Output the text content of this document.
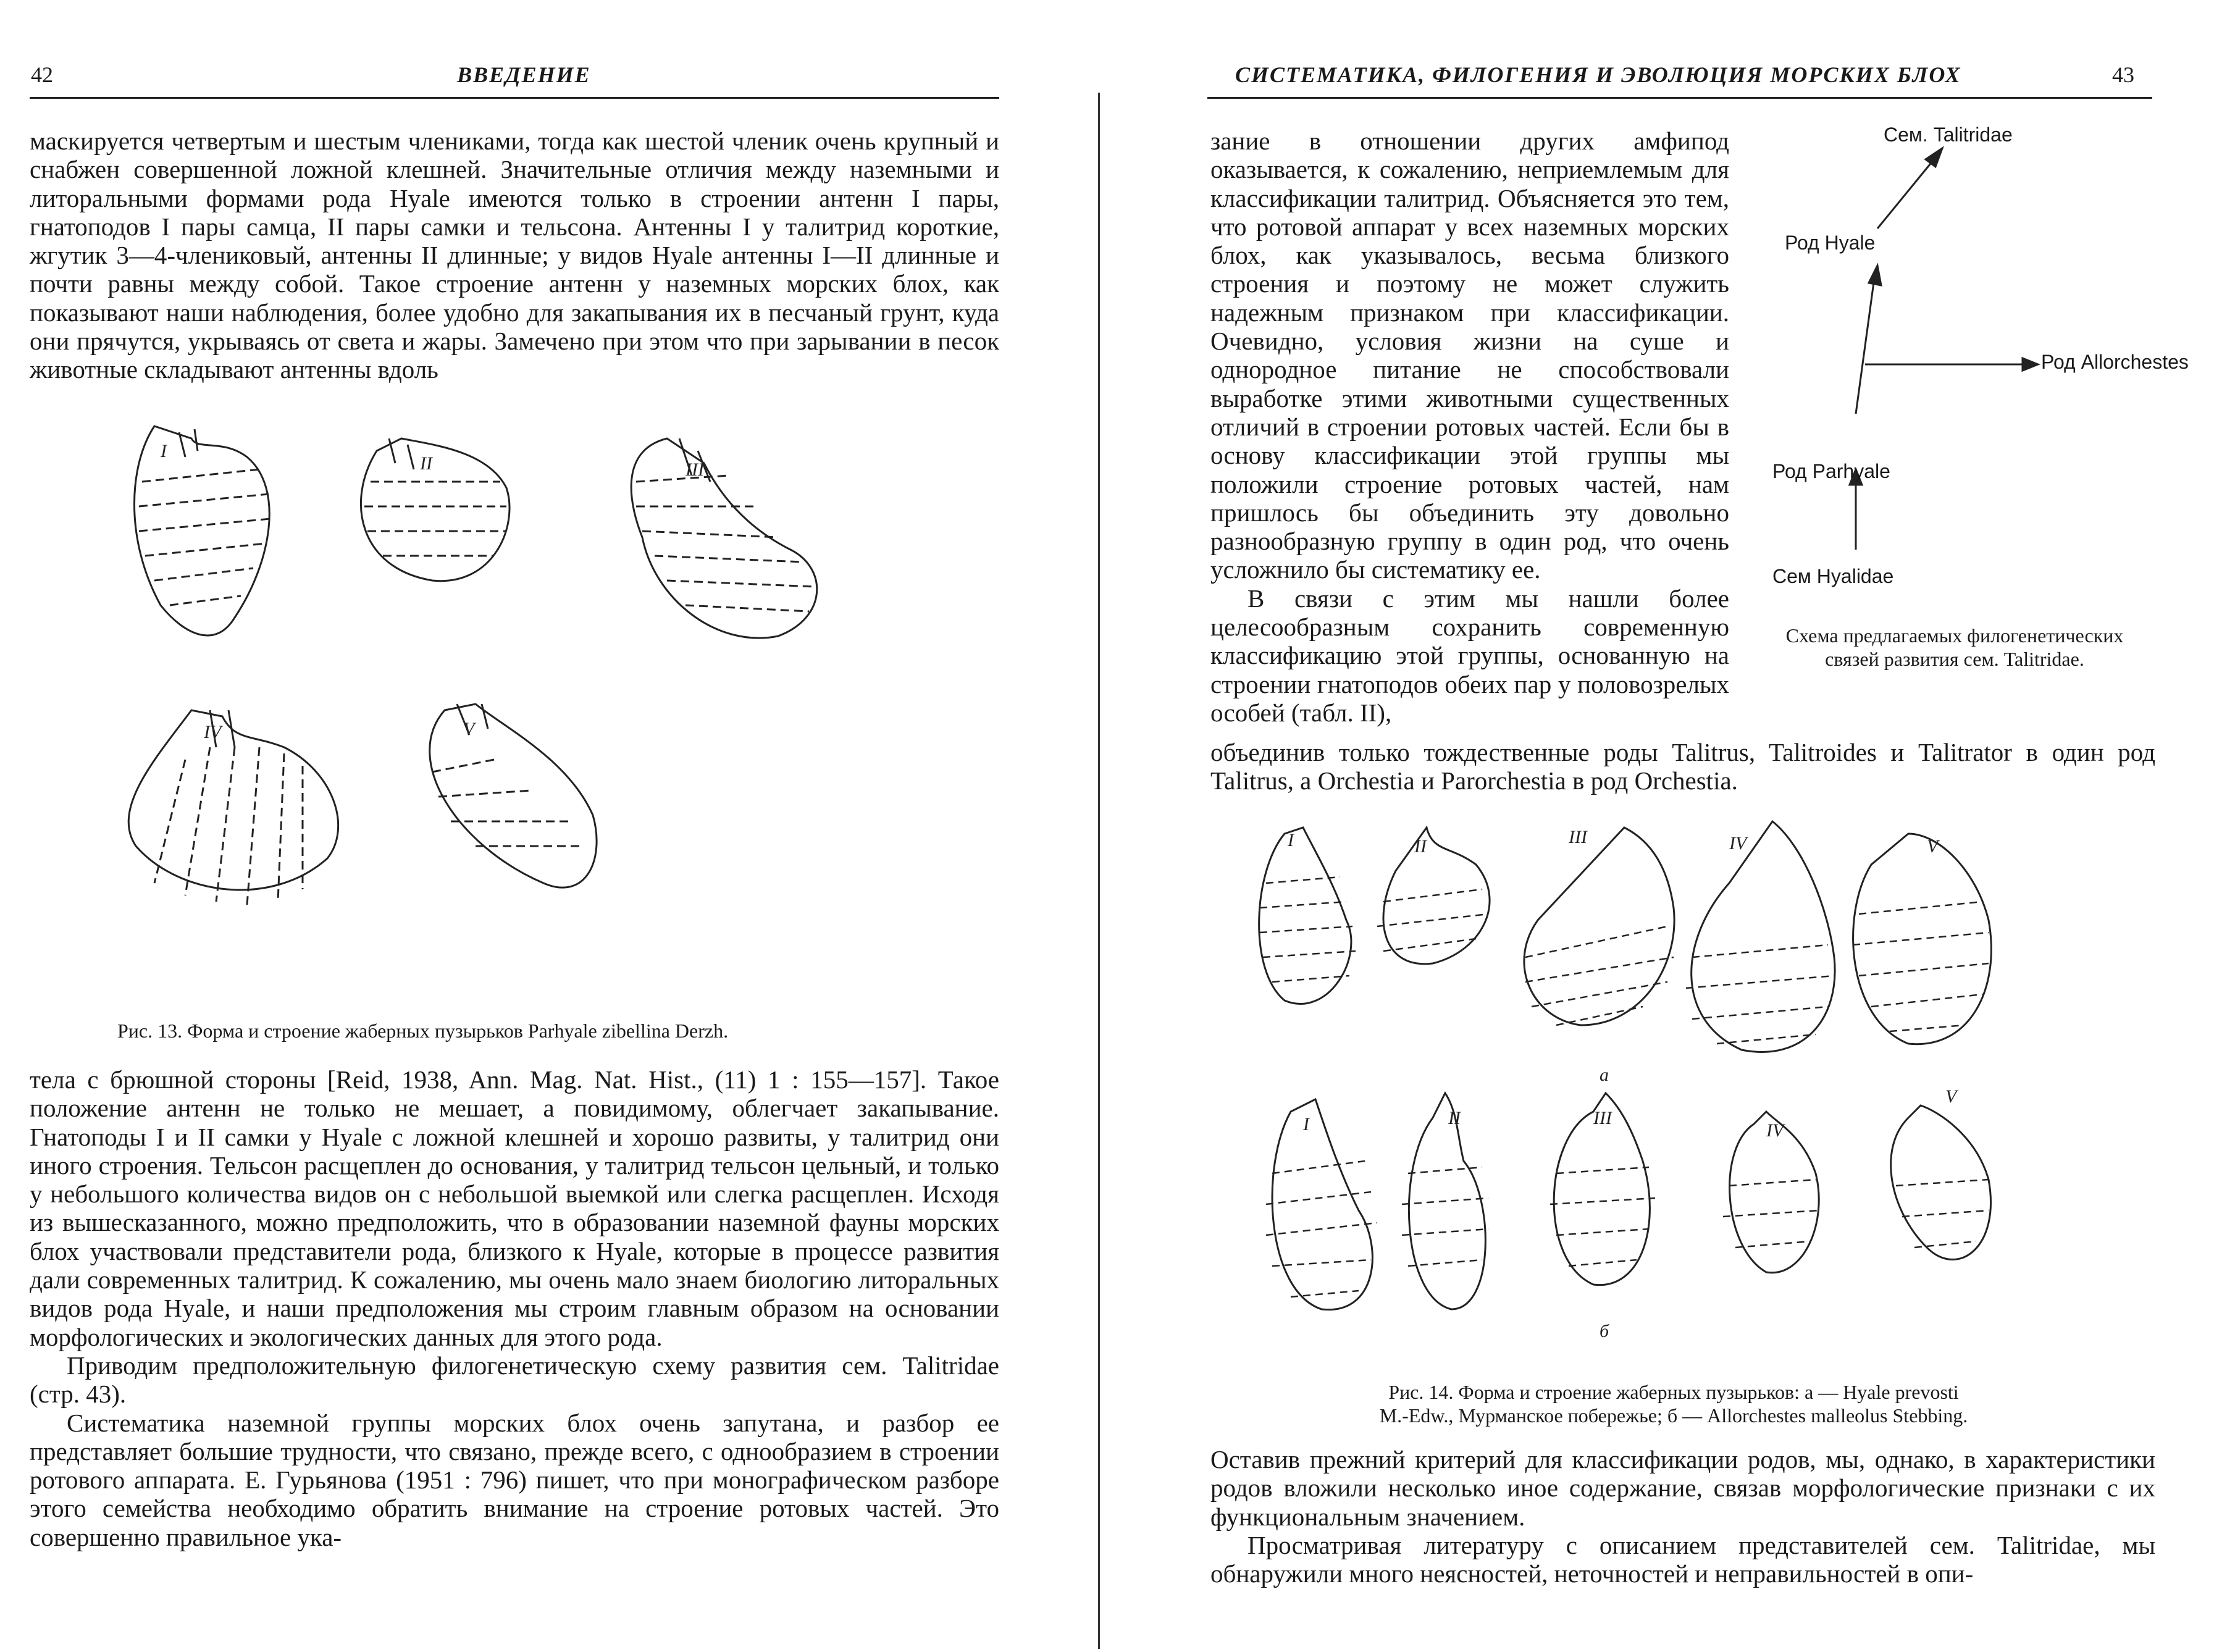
42	ВВЕДЕНИЕ

маскируется четвертым и шестым члениками, тогда как шестой членик очень крупный и снабжен совершенной ложной клешней. Значительные отличия между наземными и литоральными формами рода Hyale имеются только в строении антенн I пары, гнатоподов I пары самца, II пары самки и тельсона. Антенны I у талитрид короткие, жгутик 3—4-члениковый, антенны II длинные; у видов Hyale антенны I—II длинные и почти равны между собой. Такое строение антенн у наземных морских блох, как показывают наши наблюдения, более удобно для закапывания их в песчаный грунт, куда они прячутся, укрываясь от света и жары. Замечено при этом что при зарывании в песок животные складывают антенны вдоль

I
II	III
IV	V
Рис. 13. Форма и строение жаберных пузырьков Parhyale zibellina Derzh.

тела с брюшной стороны [Reid, 1938, Ann. Mag. Nat. Hist., (11) 1 : 155—157]. Такое положение антенн не только не мешает, а повидимому, облегчает закапывание. Гнатоподы I и II самки у Hyale с ложной клешней и хорошо развиты, у талитрид они иного строения. Тельсон расщеплен до основания, у талитрид тельсон цельный, и только у небольшого количества видов он с небольшой выемкой или слегка расщеплен. Исходя из вышесказанного, можно предположить, что в образовании наземной фауны морских блох участвовали представители рода, близкого к Hyale, которые в процессе развития дали современных талитрид. К сожалению, мы очень мало знаем биологию литоральных видов рода Hyale, и наши предположения мы строим главным образом на основании морфологических и экологических данных для этого рода.

Приводим предположительную филогенетическую схему развития сем. Talitridae (стр. 43).

Систематика наземной группы морских блох очень запутана, и разбор ее представляет большие трудности, что связано, прежде всего, с однообразием в строении ротового аппарата. Е. Гурьянова (1951 : 796) пишет, что при монографическом разборе этого семейства необходимо обратить внимание на строение ротовых частей. Это совершенно правильное ука-

СИСТЕМАТИКА, ФИЛОГЕНИЯ И ЭВОЛЮЦИЯ МОРСКИХ БЛОХ	43

зание в отношении других амфипод оказывается, к сожалению, неприемлемым для классификации талитрид. Объясняется это тем, что ротовой аппарат у всех наземных морских блох, как указывалось, весьма близкого строения и поэтому не может служить надежным признаком при классификации. Очевидно, условия жизни на суше и однородное питание не способствовали выработке этими животными существенных отличий в строении ротовых частей. Если бы в основу классификации этой группы мы положили строение ротовых частей, нам пришлось бы объединить эту довольно разнообразную группу в один род, что очень усложнило бы систематику ее.

В связи с этим мы нашли более целесообразным сохранить современную классификацию этой группы, основанную на строении гнатоподов обеих пар у половозрелых особей (табл. II),

Сем. Talitridae
Род Hyale
Род Allorchestes
Род Parhyale
Сем Hyalidae
Схема предлагаемых филогенетических связей развития сем. Talitridae.
объединив только тождественные роды Talitrus, Talitroides и Talitrator в один род Talitrus, а Orchestia и Parorchestia в род Orchestia.
I	II	III	IV	V
I	II	III
IV
V
а
б
Рис. 14. Форма и строение жаберных пузырьков: а — Hyale prevosti
M.-Edw., Мурманское побережье; б — Allorchestes malleolus Stebbing.

Оставив прежний критерий для классификации родов, мы, однако, в характеристики родов вложили несколько иное содержание, связав морфологические признаки с их функциональным значением.

Просматривая литературу с описанием представителей сем. Talitridae, мы обнаружили много неясностей, неточностей и неправильностей в опи-
